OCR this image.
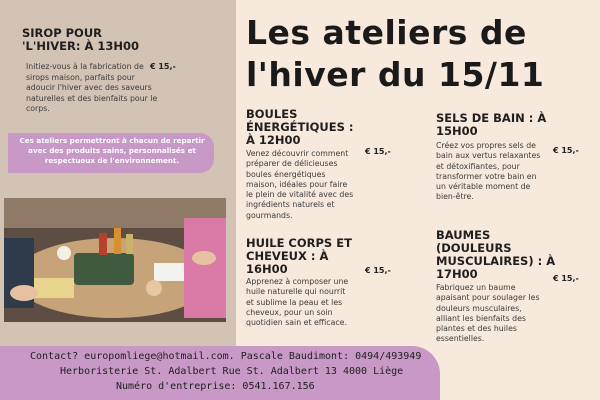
SIROP POUR
'L'HIVER: À 13H00
Initiez-vous à la fabrication de sirops maison, parfaits pour adoucir l'hiver avec des saveurs naturelles et des bienfaits pour le corps.
€ 15,-
Ces ateliers permettront à chacun de repartir avec des produits sains, personnalisés et respectueux de l'environnement.
Les ateliers de
l'hiver du 15/11
BOULES
ÉNERGÉTIQUES :
À 12H00
Venez découvrir comment préparer de délicieuses boules énergétiques maison, idéales pour faire le plein de vitalité avec des ingrédients naturels et gourmands.
€ 15,-
HUILE CORPS ET
CHEVEUX : À
16H00
Apprenez à composer une huile naturelle qui nourrit et sublime la peau et les cheveux, pour un soin quotidien sain et efficace.
€ 15,-
SELS DE BAIN : À
15H00
Créez vos propres sels de bain aux vertus relaxantes et détoxifiantes, pour transformer votre bain en un véritable moment de bien-être.
€ 15,-
BAUMES
(DOULEURS
MUSCULAIRES) : À
17H00
Fabriquez un baume apaisant pour soulager les douleurs musculaires, alliant les bienfaits des plantes et des huiles essentielles.
€ 15,-
Contact? europomliege@hotmail.com. Pascale Baudimont: 0494/493949
Herboristerie St. Adalbert Rue St. Adalbert 13 4000 Liège
Numéro d'entreprise: 0541.167.156
